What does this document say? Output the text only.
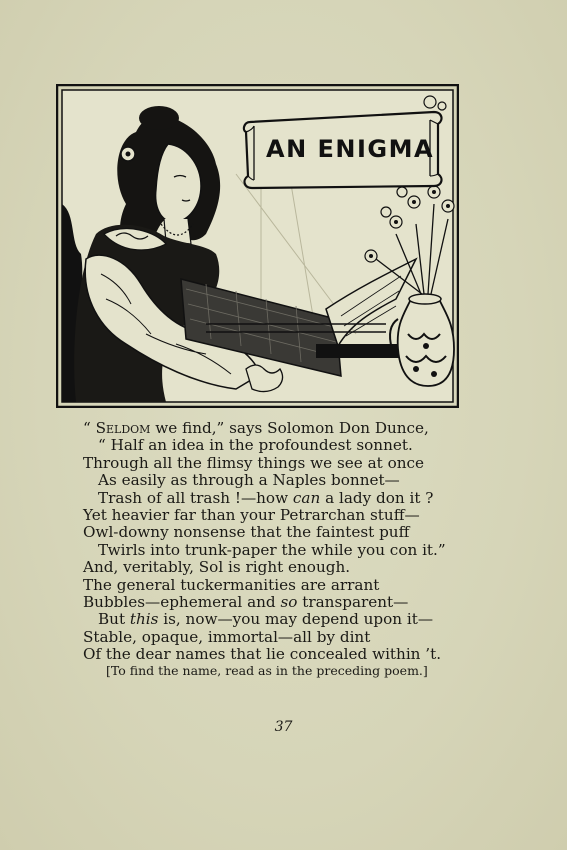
AN ENIGMA
“ Seldom we find,” says Solomon Don Dunce,
“ Half an idea in the profoundest sonnet.
Through all the flimsy things we see at once
As easily as through a Naples bonnet—
Trash of all trash !—how can a lady don it ?
Yet heavier far than your Petrarchan stuff—
Owl-downy nonsense that the faintest puff
Twirls into trunk-paper the while you con it.”
And, veritably, Sol is right enough.
The general tuckermanities are arrant
Bubbles—ephemeral and so transparent—
But this is, now—you may depend upon it—
Stable, opaque, immortal—all by dint
Of the dear names that lie concealed within ’t.
[To find the name, read as in the preceding poem.]
37
